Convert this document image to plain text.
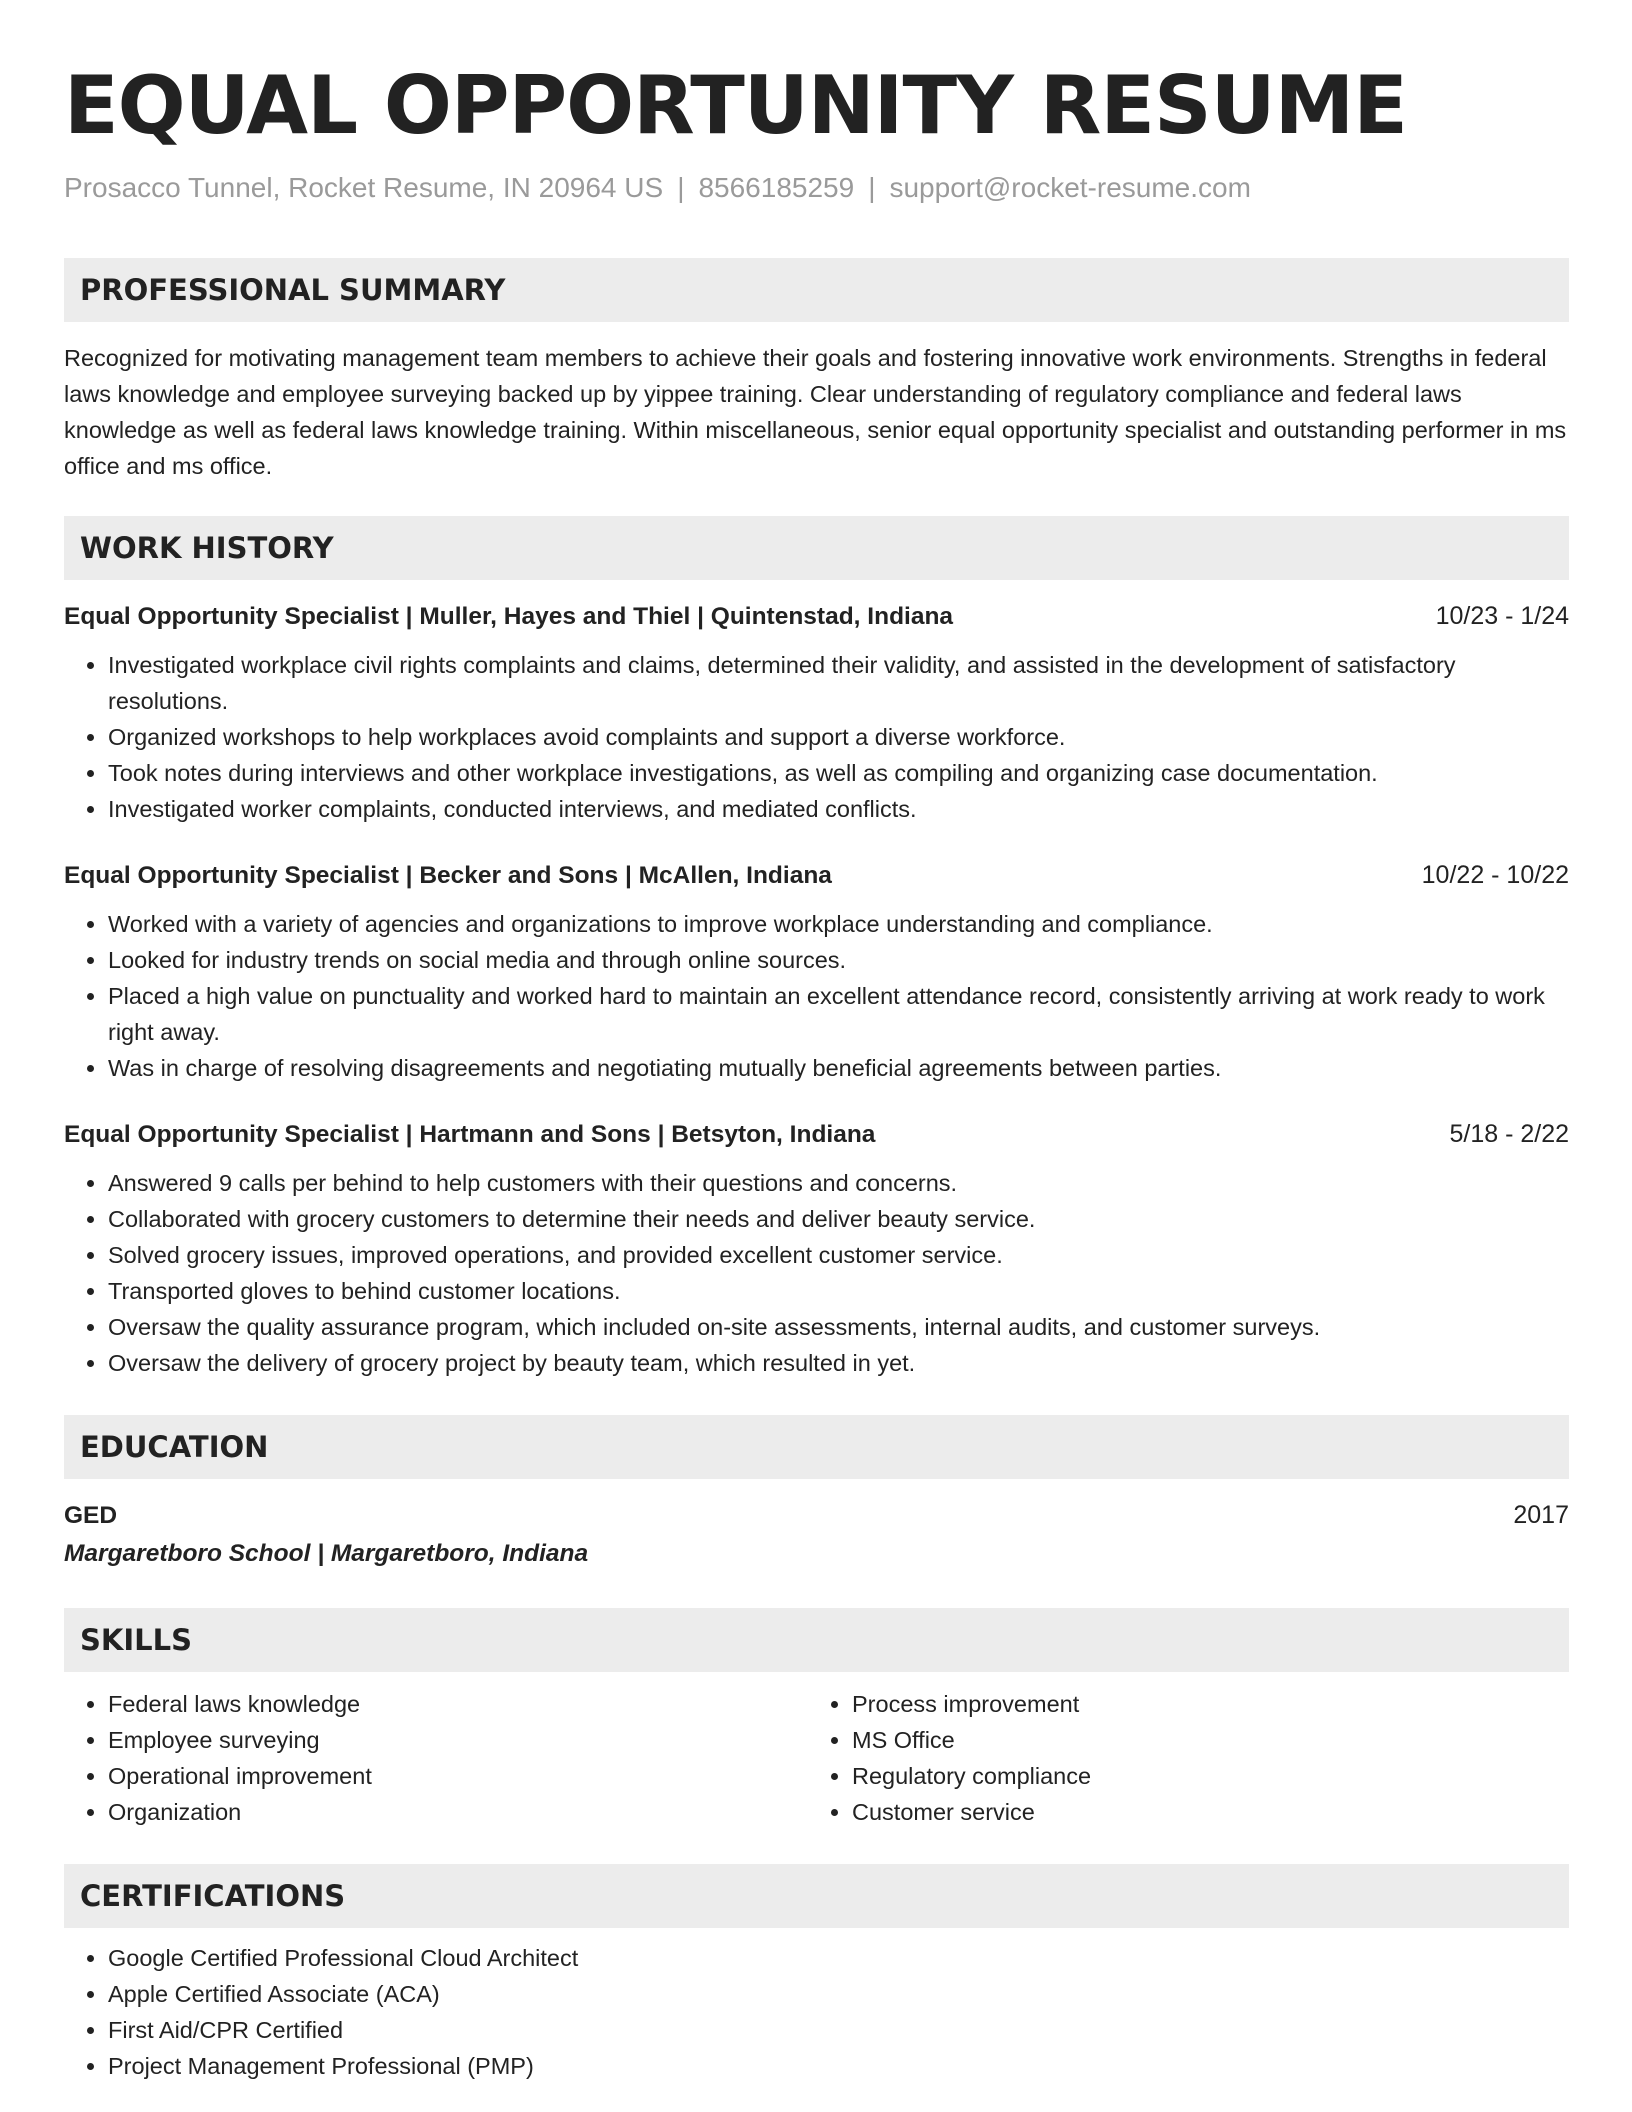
EQUAL OPPORTUNITY RESUME
Prosacco Tunnel, Rocket Resume, IN 20964 US | 8566185259 | support@rocket-resume.com
PROFESSIONAL SUMMARY

Recognized for motivating management team members to achieve their goals and fostering innovative work environments. Strengths in federal laws knowledge and employee surveying backed up by yippee training. Clear understanding of regulatory compliance and federal laws knowledge as well as federal laws knowledge training. Within miscellaneous, senior equal opportunity specialist and outstanding performer in ms office and ms office.

WORK HISTORY
Equal Opportunity Specialist | Muller, Hayes and Thiel | Quintenstad, Indiana	10/23 - 1/24
• Investigated workplace civil rights complaints and claims, determined their validity, and assisted in the development of satisfactory resolutions.
• Organized workshops to help workplaces avoid complaints and support a diverse workforce.
• Took notes during interviews and other workplace investigations, as well as compiling and organizing case documentation.
• Investigated worker complaints, conducted interviews, and mediated conflicts.
Equal Opportunity Specialist | Becker and Sons | McAllen, Indiana	10/22 - 10/22
• Worked with a variety of agencies and organizations to improve workplace understanding and compliance.
• Looked for industry trends on social media and through online sources.
• Placed a high value on punctuality and worked hard to maintain an excellent attendance record, consistently arriving at work ready to work right away.
• Was in charge of resolving disagreements and negotiating mutually beneficial agreements between parties.
Equal Opportunity Specialist | Hartmann and Sons | Betsyton, Indiana	5/18 - 2/22
• Answered 9 calls per behind to help customers with their questions and concerns.
• Collaborated with grocery customers to determine their needs and deliver beauty service.
• Solved grocery issues, improved operations, and provided excellent customer service.
• Transported gloves to behind customer locations.
• Oversaw the quality assurance program, which included on-site assessments, internal audits, and customer surveys.
• Oversaw the delivery of grocery project by beauty team, which resulted in yet.
EDUCATION
GED	2017
Margaretboro School | Margaretboro, Indiana
SKILLS
• Federal laws knowledge
• Employee surveying
• Operational improvement
• Organization
• Process improvement
• MS Office
• Regulatory compliance
• Customer service
CERTIFICATIONS
• Google Certified Professional Cloud Architect
• Apple Certified Associate (ACA)
• First Aid/CPR Certified
• Project Management Professional (PMP)
